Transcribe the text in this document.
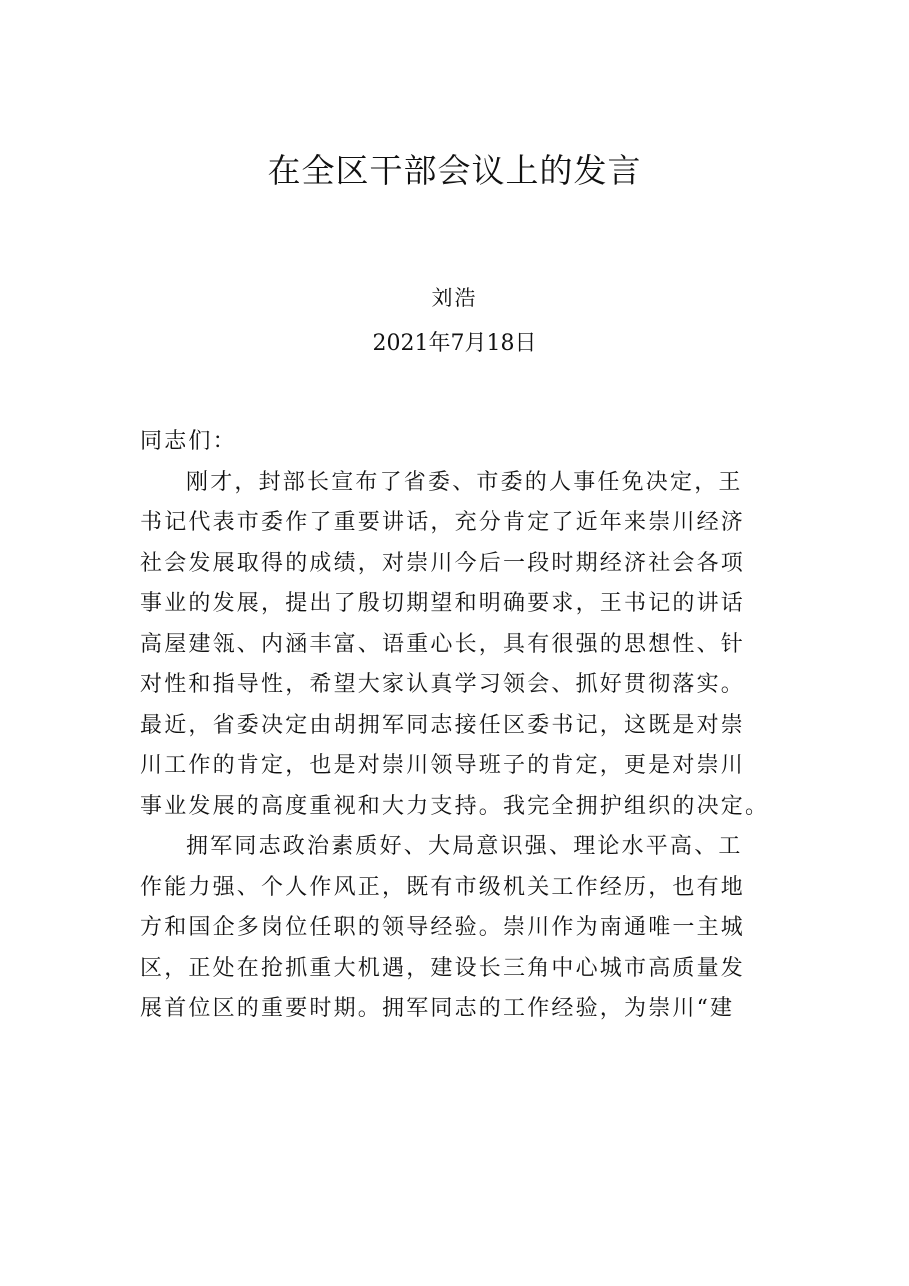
在全区干部会议上的发言
刘浩
2021年7月18日
同志们：
刚才，封部长宣布了省委、市委的人事任免决定，王
书记代表市委作了重要讲话，充分肯定了近年来崇川经济
社会发展取得的成绩，对崇川今后一段时期经济社会各项
事业的发展，提出了殷切期望和明确要求，王书记的讲话
高屋建瓴、内涵丰富、语重心长，具有很强的思想性、针
对性和指导性，希望大家认真学习领会、抓好贯彻落实。
最近，省委决定由胡拥军同志接任区委书记，这既是对崇
川工作的肯定，也是对崇川领导班子的肯定，更是对崇川
事业发展的高度重视和大力支持。我完全拥护组织的决定。
拥军同志政治素质好、大局意识强、理论水平高、工
作能力强、个人作风正，既有市级机关工作经历，也有地
方和国企多岗位任职的领导经验。崇川作为南通唯一主城
区，正处在抢抓重大机遇，建设长三角中心城市高质量发
展首位区的重要时期。拥军同志的工作经验，为崇川“建
